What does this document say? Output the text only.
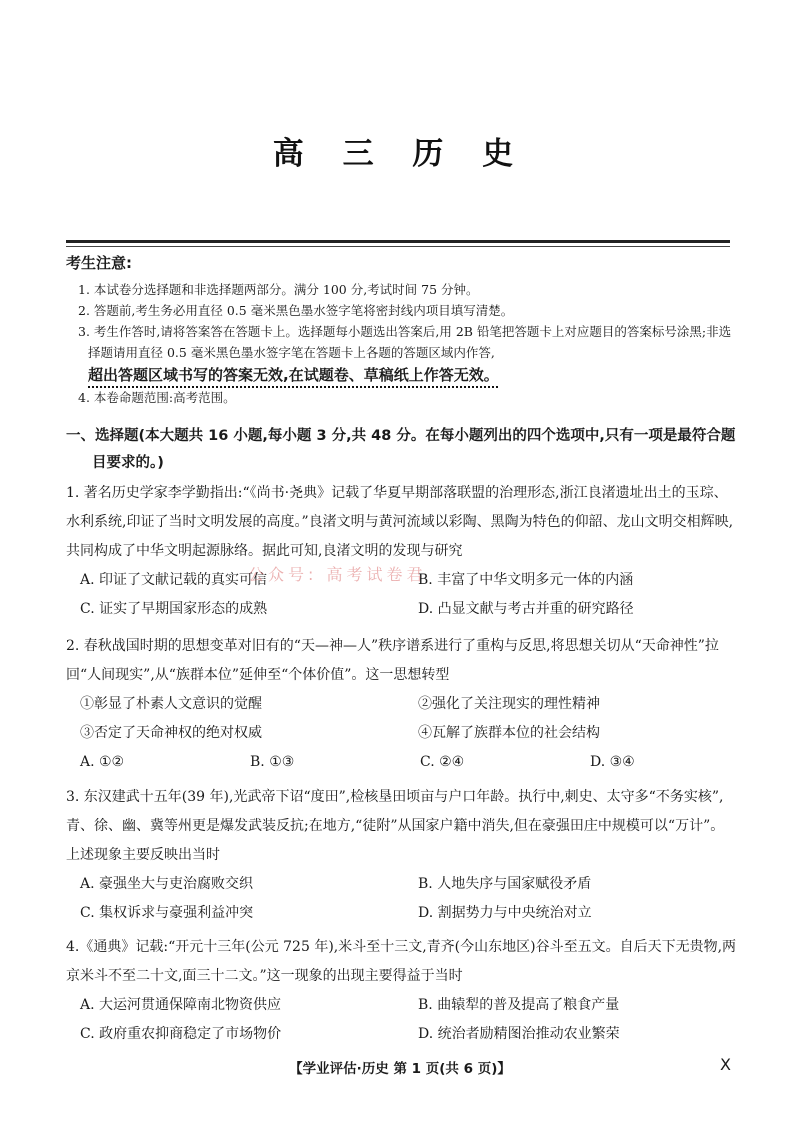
高 三 历 史
考生注意:
1. 本试卷分选择题和非选择题两部分。满分 100 分,考试时间 75 分钟。
2. 答题前,考生务必用直径 0.5 毫米黑色墨水签字笔将密封线内项目填写清楚。
3. 考生作答时,请将答案答在答题卡上。选择题每小题选出答案后,用 2B 铅笔把答题卡上对应题目的答案标号涂黑;非选择题请用直径 0.5 毫米黑色墨水签字笔在答题卡上各题的答题区域内作答,
超出答题区域书写的答案无效,在试题卷、草稿纸上作答无效。
4. 本卷命题范围:高考范围。
一、选择题(本大题共 16 小题,每小题 3 分,共 48 分。在每小题列出的四个选项中,只有一项是最符合题
目要求的。)
1. 著名历史学家李学勤指出:“《尚书·尧典》记载了华夏早期部落联盟的治理形态,浙江良渚遗址出土的玉琮、水利系统,印证了当时文明发展的高度。”良渚文明与黄河流域以彩陶、黑陶为特色的仰韶、龙山文明交相辉映,共同构成了中华文明起源脉络。据此可知,良渚文明的发现与研究
A. 印证了文献记载的真实可信	B. 丰富了中华文明多元一体的内涵
C. 证实了早期国家形态的成熟	D. 凸显文献与考古并重的研究路径
公众号: 高考试卷君
2. 春秋战国时期的思想变革对旧有的“天—神—人”秩序谱系进行了重构与反思,将思想关切从“天命神性”拉回“人间现实”,从“族群本位”延伸至“个体价值”。这一思想转型
①彰显了朴素人文意识的觉醒	②强化了关注现实的理性精神
③否定了天命神权的绝对权威	④瓦解了族群本位的社会结构
A. ①②	B. ①③	C. ②④	D. ③④
3. 东汉建武十五年(39 年),光武帝下诏“度田”,检核垦田顷亩与户口年龄。执行中,刺史、太守多“不务实核”,青、徐、幽、冀等州更是爆发武装反抗;在地方,“徒附”从国家户籍中消失,但在豪强田庄中规模可以“万计”。上述现象主要反映出当时
A. 豪强坐大与吏治腐败交织	B. 人地失序与国家赋役矛盾
C. 集权诉求与豪强利益冲突	D. 割据势力与中央统治对立
4.《通典》记载:“开元十三年(公元 725 年),米斗至十三文,青齐(今山东地区)谷斗至五文。自后天下无贵物,两京米斗不至二十文,面三十二文。”这一现象的出现主要得益于当时
A. 大运河贯通保障南北物资供应	B. 曲辕犁的普及提高了粮食产量
C. 政府重农抑商稳定了市场物价	D. 统治者励精图治推动农业繁荣
【学业评估·历史 第 1 页(共 6 页)】	X
